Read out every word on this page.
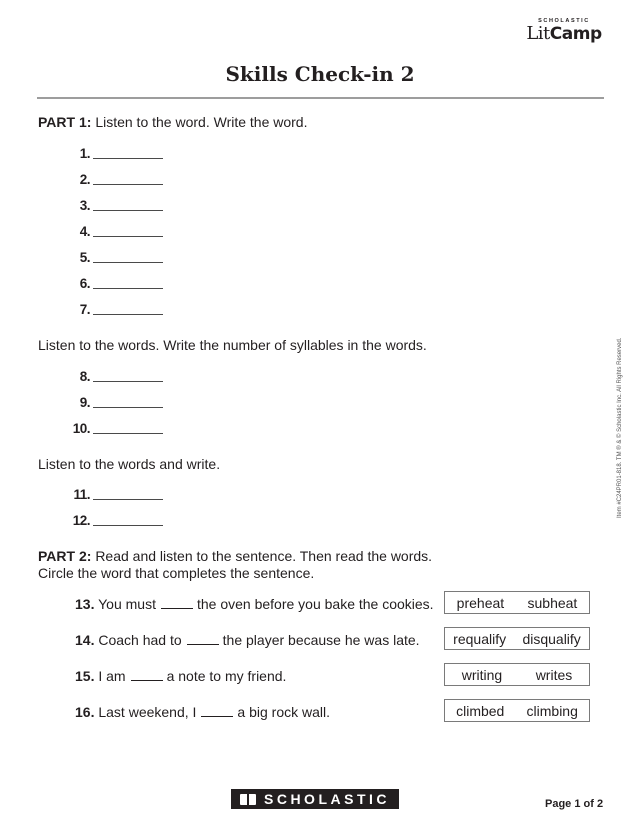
SCHOLASTIC
LitCamp
Skills Check-in 2
PART 1: Listen to the word. Write the word.
1.
2.
3.
4.
5.
6.
7.
Listen to the words. Write the number of syllables in the words.
8.
9.
10.
Listen to the words and write.
11.
12.
PART 2: Read and listen to the sentence. Then read the words.
Circle the word that completes the sentence.
13. You must	the oven before you bake the cookies. preheat subheat
14. Coach had to	the player because he was late. requalify disqualify
15. I am	a note to my friend.	writing writes
16. Last weekend, I	a big rock wall.	climbed climbing
Item #C24PR01-818. TM ® & © Scholastic Inc. All Rights Reserved.
SCHOLASTIC	Page 1 of 2
